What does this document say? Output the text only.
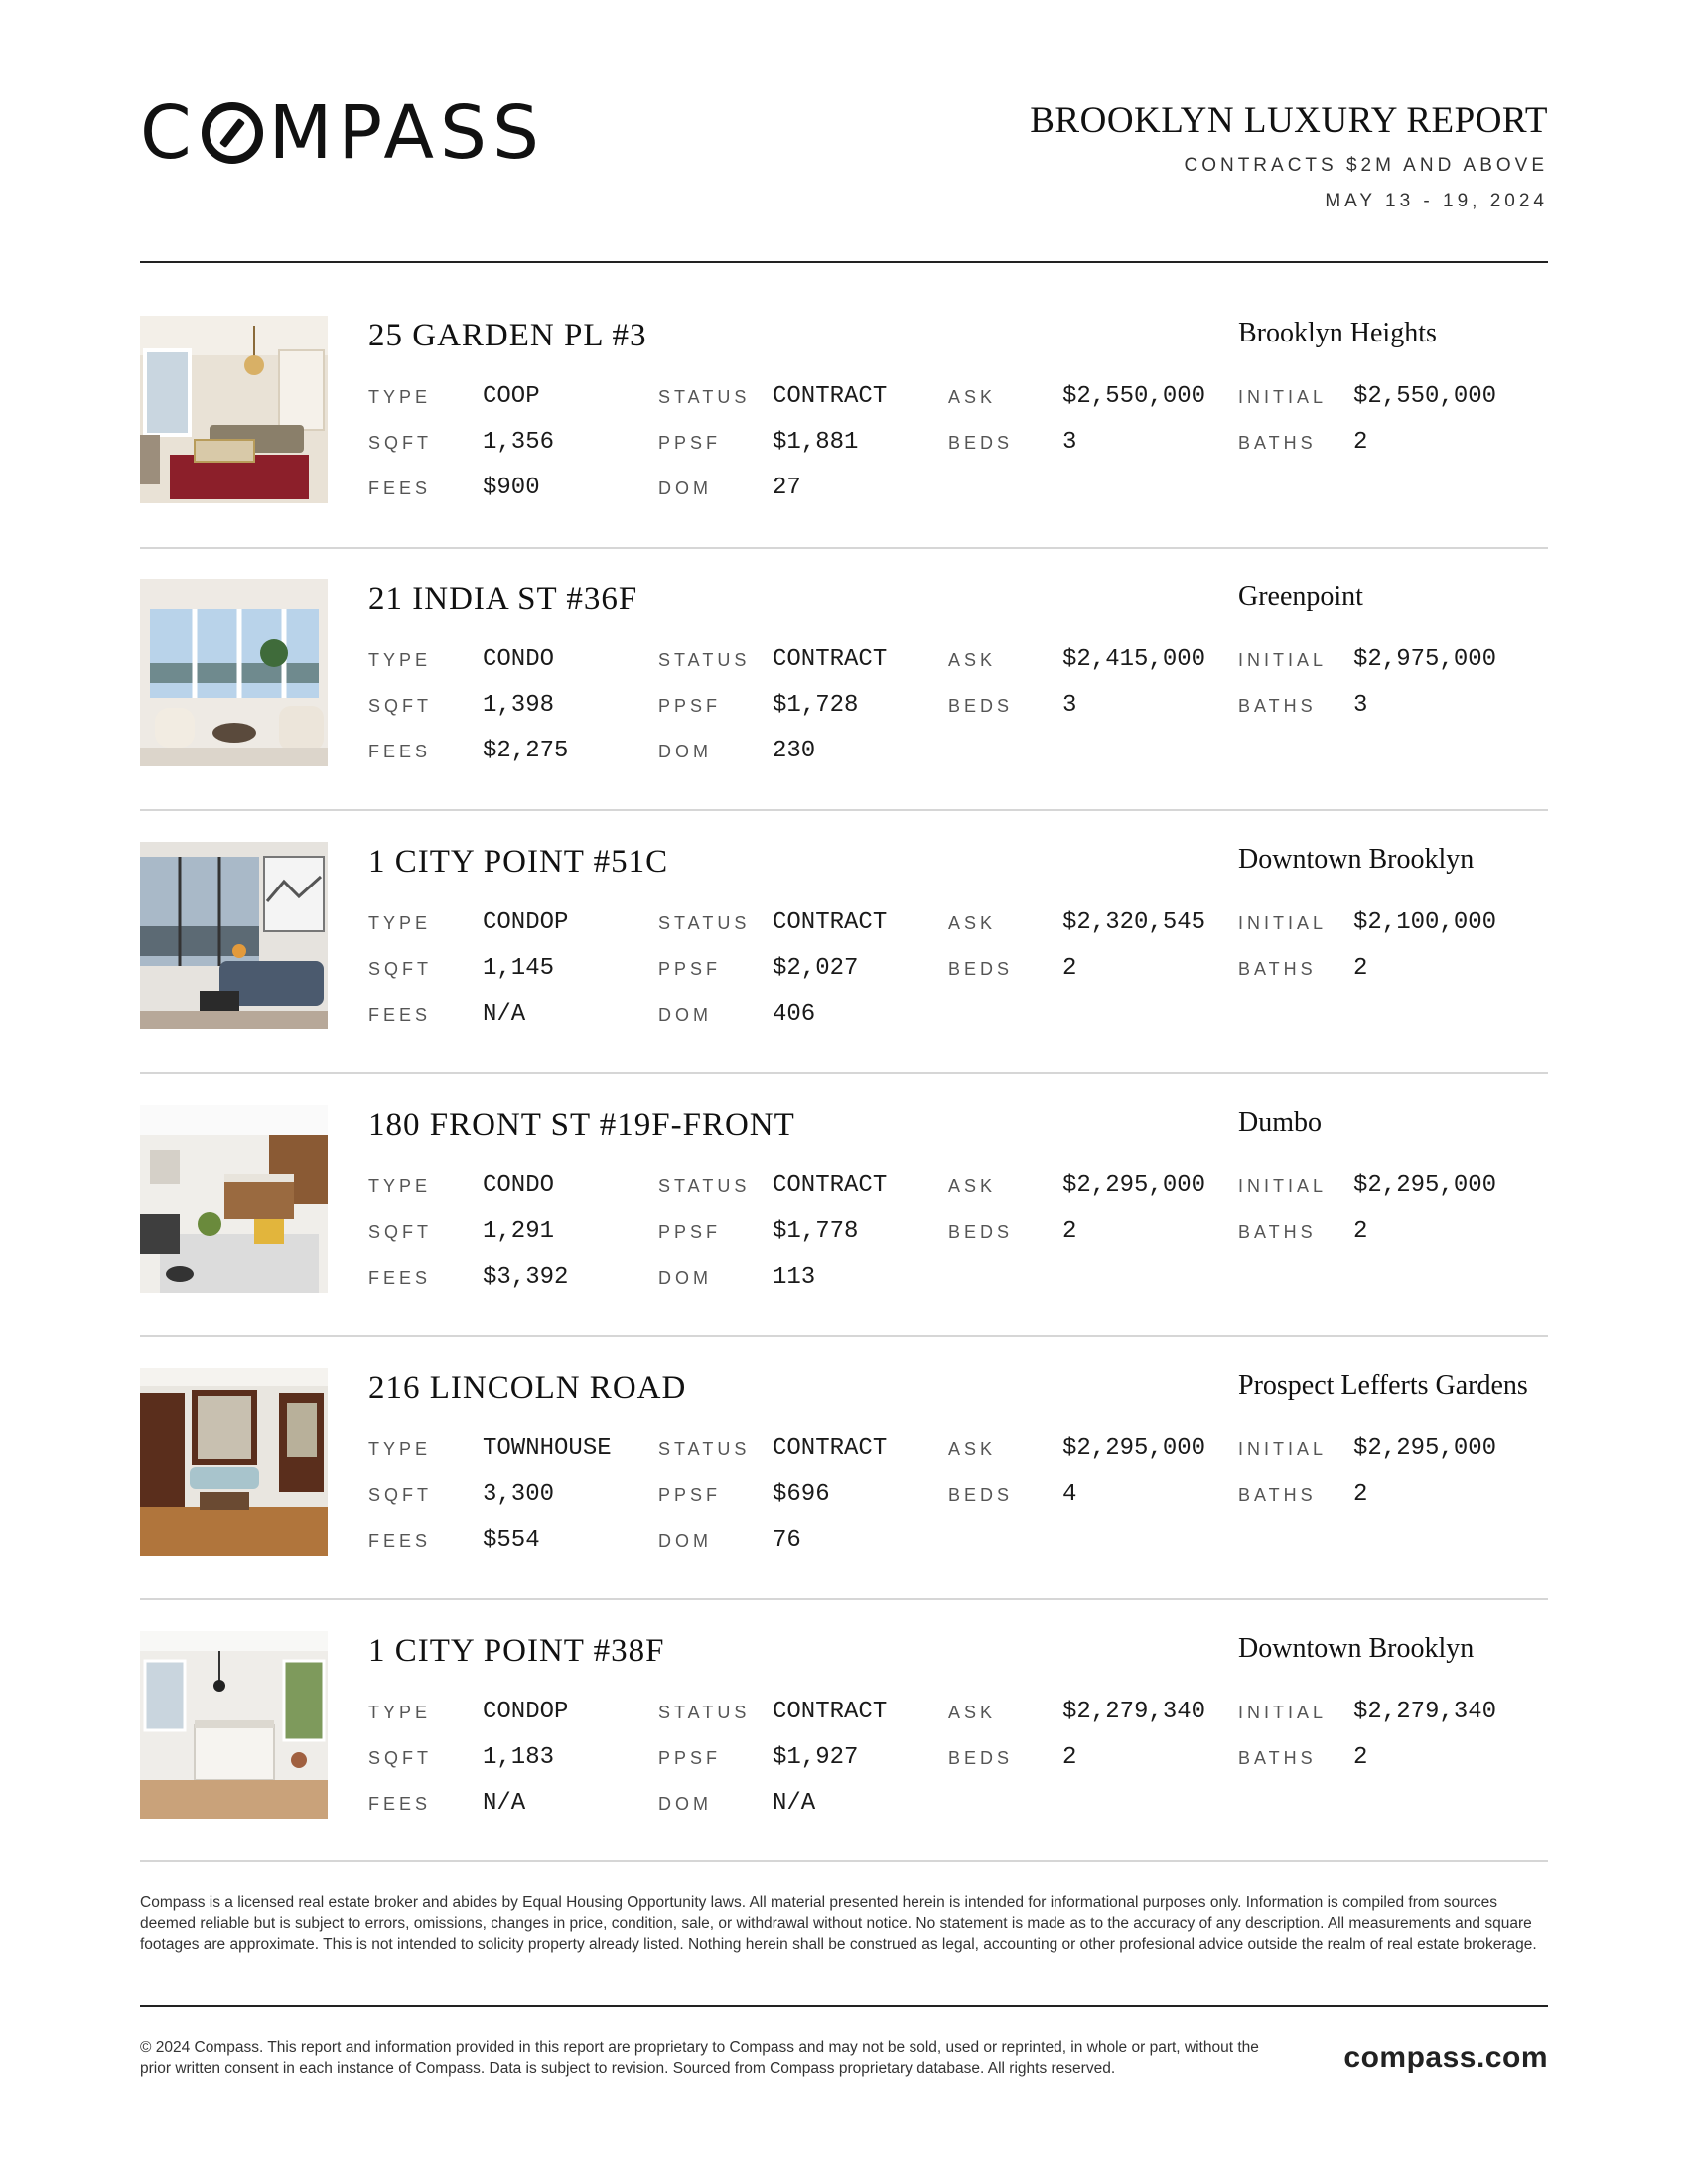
C MPASS	BROOKLYN LUXURY REPORT
CONTRACTS $2M AND ABOVE
MAY 13 - 19, 2024
25 GARDEN PL #3	Brooklyn Heights
TYPE COOP	STATUS CONTRACT	ASK	$2,550,000 INITIAL $2,550,000
SQFT 1,356	PPSF $1,881	BEDS 3	BATHS 2
FEES $900	DOM	27
21 INDIA ST #36F	Greenpoint
TYPE CONDO	STATUS CONTRACT	ASK	$2,415,000 INITIAL $2,975,000
SQFT 1,398	PPSF $1,728	BEDS 3	BATHS 3
FEES $2,275	DOM	230
1 CITY POINT #51C	Downtown Brooklyn
TYPE CONDOP	STATUS CONTRACT	ASK	$2,320,545 INITIAL $2,100,000
SQFT 1,145	PPSF $2,027	BEDS 2	BATHS 2
FEES N/A	DOM	406
180 FRONT ST #19F-FRONT	Dumbo
TYPE CONDO	STATUS CONTRACT	ASK	$2,295,000 INITIAL $2,295,000
SQFT 1,291	PPSF $1,778	BEDS 2	BATHS 2
FEES $3,392	DOM	113
216 LINCOLN ROAD	Prospect Lefferts Gardens
TYPE TOWNHOUSE	STATUS CONTRACT	ASK	$2,295,000 INITIAL $2,295,000
SQFT 3,300	PPSF $696	BEDS 4	BATHS 2
FEES $554	DOM	76
1 CITY POINT #38F	Downtown Brooklyn
TYPE CONDOP	STATUS CONTRACT	ASK	$2,279,340 INITIAL $2,279,340
SQFT 1,183	PPSF $1,927	BEDS 2	BATHS 2
FEES N/A	DOM	N/A
Compass is a licensed real estate broker and abides by Equal Housing Opportunity laws. All material presented herein is intended for informational purposes only. Information is compiled from sources deemed reliable but is subject to errors, omissions, changes in price, condition, sale, or withdrawal without notice. No statement is made as to the accuracy of any description. All measurements and square footages are approximate. This is not intended to solicity property already listed. Nothing herein shall be construed as legal, accounting or other profesional advice outside the realm of real estate brokerage.
© 2024 Compass. This report and information provided in this report are proprietary to Compass and may not be sold, used or reprinted, in whole or part, without the prior written consent in each instance of Compass. Data is subject to revision. Sourced from Compass proprietary database. All rights reserved.	compass.com
